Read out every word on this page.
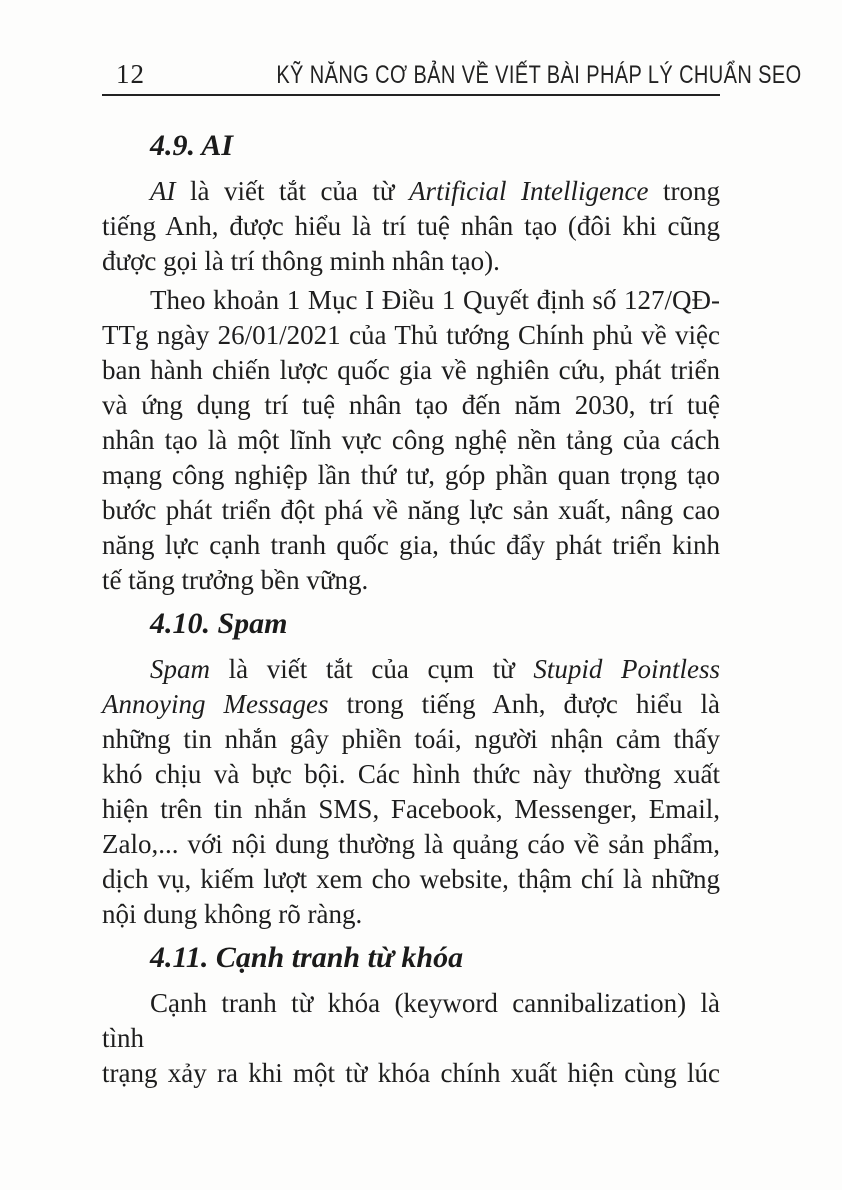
12	KỸ NĂNG CƠ BẢN VỀ VIẾT BÀI PHÁP LÝ CHUẨN SEO
4.9. AI
AI là viết tắt của từ Artificial Intelligence trong
tiếng Anh, được hiểu là trí tuệ nhân tạo (đôi khi cũng
được gọi là trí thông minh nhân tạo).
Theo khoản 1 Mục I Điều 1 Quyết định số 127/QĐ-
TTg ngày 26/01/2021 của Thủ tướng Chính phủ về việc
ban hành chiến lược quốc gia về nghiên cứu, phát triển
và ứng dụng trí tuệ nhân tạo đến năm 2030, trí tuệ
nhân tạo là một lĩnh vực công nghệ nền tảng của cách
mạng công nghiệp lần thứ tư, góp phần quan trọng tạo
bước phát triển đột phá về năng lực sản xuất, nâng cao
năng lực cạnh tranh quốc gia, thúc đẩy phát triển kinh
tế tăng trưởng bền vững.
4.10. Spam
Spam là viết tắt của cụm từ Stupid Pointless
Annoying Messages trong tiếng Anh, được hiểu là
những tin nhắn gây phiền toái, người nhận cảm thấy
khó chịu và bực bội. Các hình thức này thường xuất
hiện trên tin nhắn SMS, Facebook, Messenger, Email,
Zalo,... với nội dung thường là quảng cáo về sản phẩm,
dịch vụ, kiếm lượt xem cho website, thậm chí là những
nội dung không rõ ràng.
4.11. Cạnh tranh từ khóa
Cạnh tranh từ khóa (keyword cannibalization) là tình
trạng xảy ra khi một từ khóa chính xuất hiện cùng lúc
